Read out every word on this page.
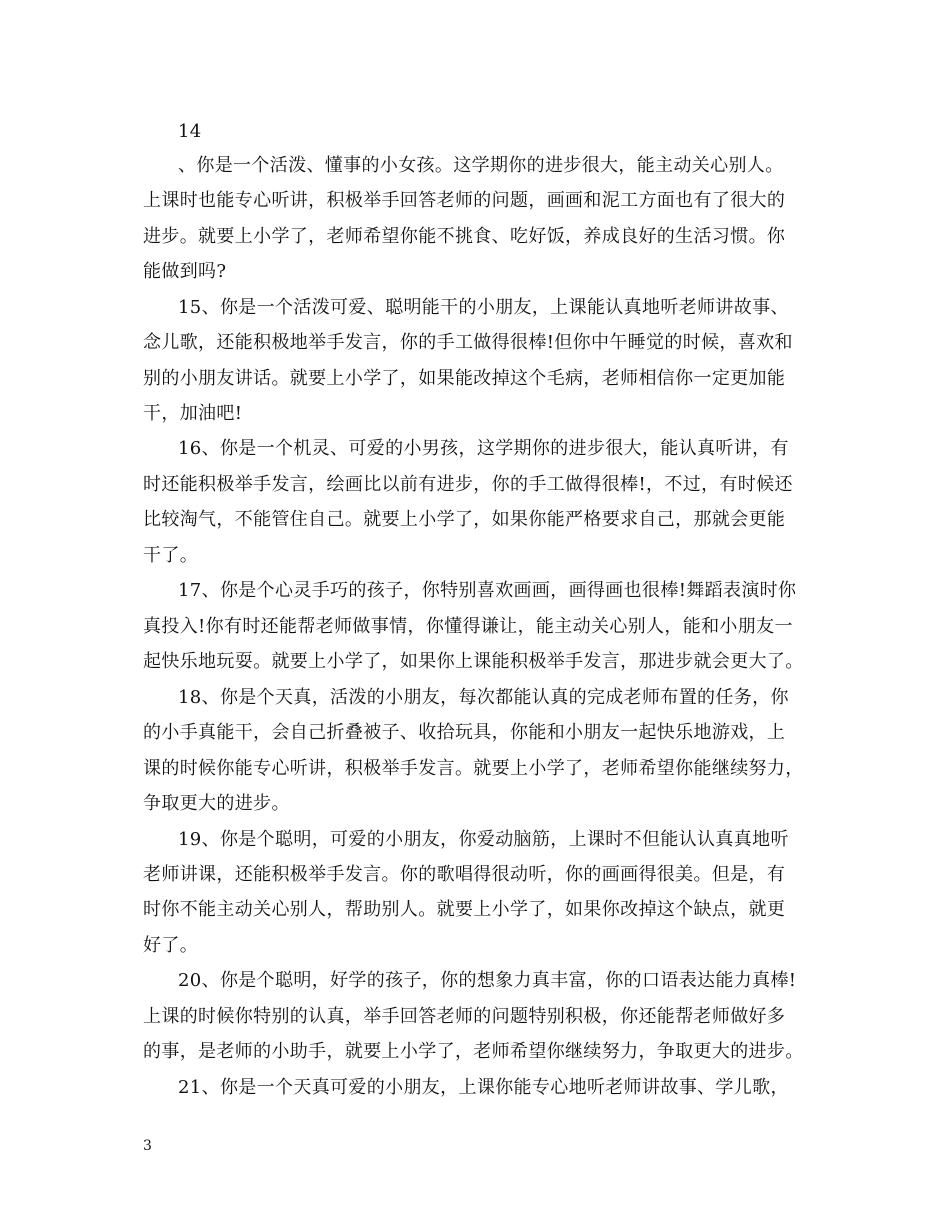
14
、你是一个活泼、懂事的小女孩。这学期你的进步很大，能主动关心别人。
上课时也能专心听讲，积极举手回答老师的问题，画画和泥工方面也有了很大的
进步。就要上小学了，老师希望你能不挑食、吃好饭，养成良好的生活习惯。你
能做到吗?
15、你是一个活泼可爱、聪明能干的小朋友，上课能认真地听老师讲故事、
念儿歌，还能积极地举手发言，你的手工做得很棒!但你中午睡觉的时候，喜欢和
别的小朋友讲话。就要上小学了，如果能改掉这个毛病，老师相信你一定更加能
干，加油吧!
16、你是一个机灵、可爱的小男孩，这学期你的进步很大，能认真听讲，有
时还能积极举手发言，绘画比以前有进步，你的手工做得很棒!，不过，有时候还
比较淘气，不能管住自己。就要上小学了，如果你能严格要求自己，那就会更能
干了。
17、你是个心灵手巧的孩子，你特别喜欢画画，画得画也很棒!舞蹈表演时你
真投入!你有时还能帮老师做事情，你懂得谦让，能主动关心别人，能和小朋友一
起快乐地玩耍。就要上小学了，如果你上课能积极举手发言，那进步就会更大了。
18、你是个天真，活泼的小朋友，每次都能认真的完成老师布置的任务，你
的小手真能干，会自己折叠被子、收拾玩具，你能和小朋友一起快乐地游戏，上
课的时候你能专心听讲，积极举手发言。就要上小学了，老师希望你能继续努力，
争取更大的进步。
19、你是个聪明，可爱的小朋友，你爱动脑筋，上课时不但能认认真真地听
老师讲课，还能积极举手发言。你的歌唱得很动听，你的画画得很美。但是，有
时你不能主动关心别人，帮助别人。就要上小学了，如果你改掉这个缺点，就更
好了。
20、你是个聪明，好学的孩子，你的想象力真丰富，你的口语表达能力真棒!
上课的时候你特别的认真，举手回答老师的问题特别积极，你还能帮老师做好多
的事，是老师的小助手，就要上小学了，老师希望你继续努力，争取更大的进步。
21、你是一个天真可爱的小朋友，上课你能专心地听老师讲故事、学儿歌，
3
